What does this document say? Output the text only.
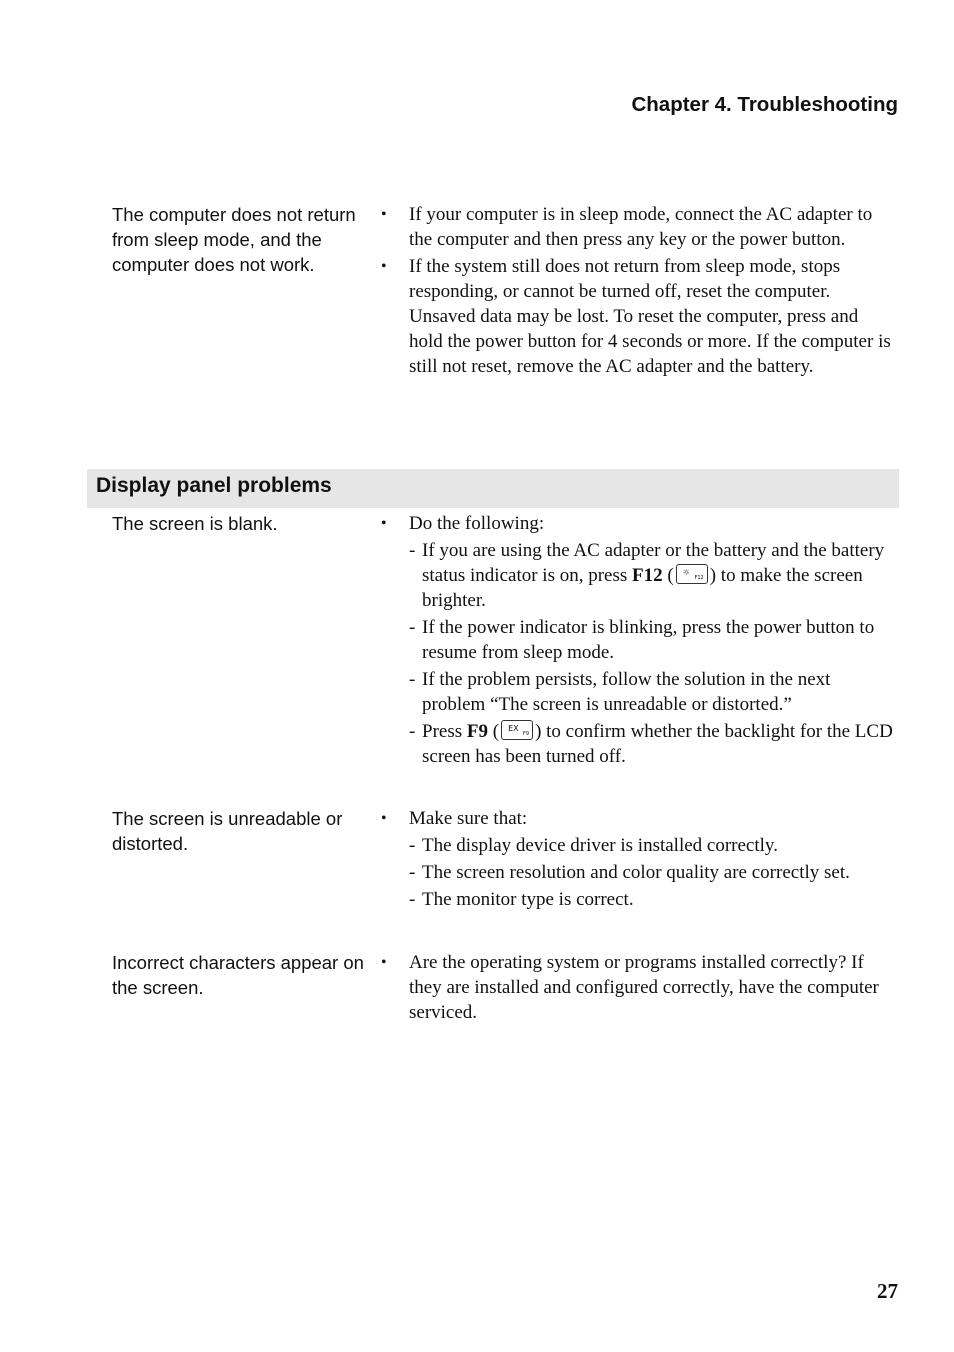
Chapter 4. Troubleshooting
The computer does not return from sleep mode, and the computer does not work.
• If your computer is in sleep mode, connect the AC adapter to the computer and then press any key or the power button.
• If the system still does not return from sleep mode, stops responding, or cannot be turned off, reset the computer. Unsaved data may be lost. To reset the computer, press and hold the power button for 4 seconds or more. If the computer is still not reset, remove the AC adapter and the battery.
Display panel problems
The screen is blank.	• Do the following:
- If you are using the AC adapter or the battery and the battery status indicator is on, press F12 ( ☼
F12 ) to make the screen brighter.
- If the power indicator is blinking, press the power button to resume from sleep mode.
- If the problem persists, follow the solution in the next problem “The screen is unreadable or distorted.”
- Press F9 ( EX
F9 ) to confirm whether the backlight for the LCD screen has been turned off.
The screen is unreadable or distorted.
• Make sure that:
- The display device driver is installed correctly.
- The screen resolution and color quality are correctly set.
- The monitor type is correct.
Incorrect characters appear on the screen.
• Are the operating system or programs installed correctly? If they are installed and configured correctly, have the computer serviced.
27
